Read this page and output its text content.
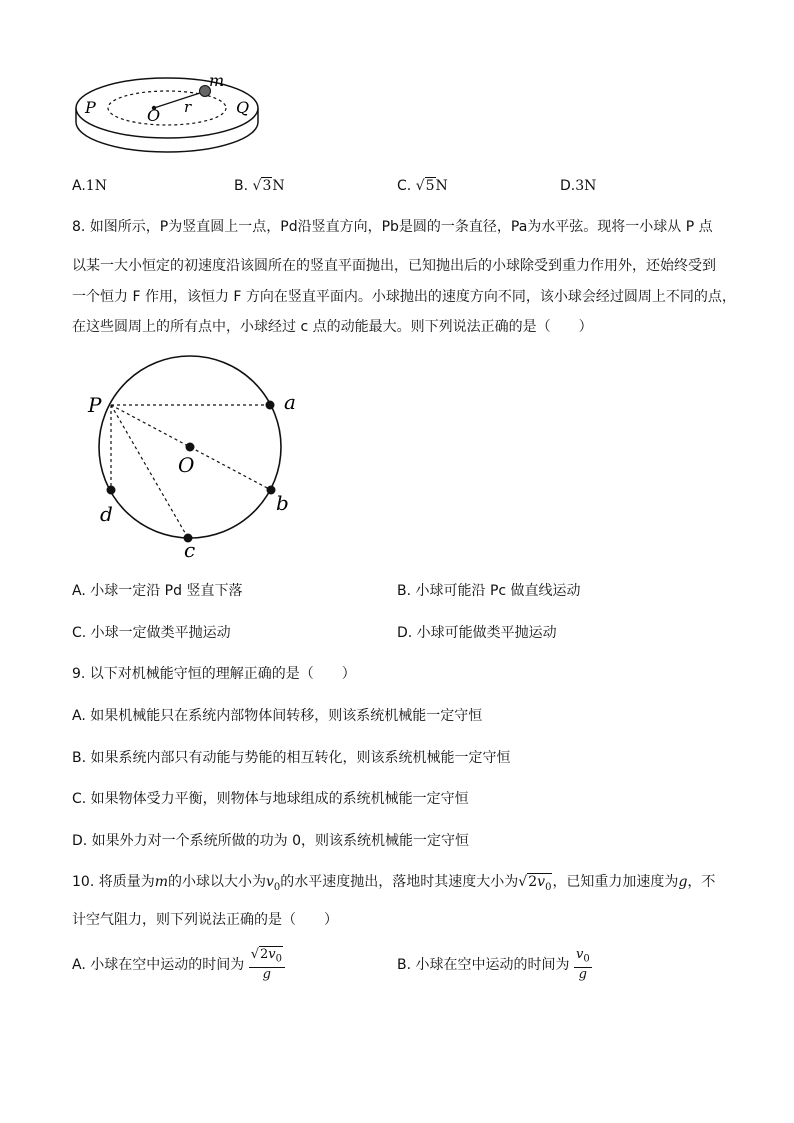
P	O r
m
Q
A.1N	B. √3N	C. √5N	D.3N
8. 如图所示，P为竖直圆上一点，Pd沿竖直方向，Pb是圆的一条直径，Pa为水平弦。现将一小球从 P 点
以某一大小恒定的初速度沿该圆所在的竖直平面抛出，已知抛出后的小球除受到重力作用外，还始终受到
一个恒力 F 作用，该恒力 F 方向在竖直平面内。小球抛出的速度方向不同，该小球会经过圆周上不同的点，
在这些圆周上的所有点中，小球经过 c 点的动能最大。则下列说法正确的是（　　）
P	a
O
b
d
c
A. 小球一定沿 Pd 竖直下落	B. 小球可能沿 Pc 做直线运动
C. 小球一定做类平抛运动	D. 小球可能做类平抛运动
9. 以下对机械能守恒的理解正确的是（　　）
A. 如果机械能只在系统内部物体间转移，则该系统机械能一定守恒
B. 如果系统内部只有动能与势能的相互转化，则该系统机械能一定守恒
C. 如果物体受力平衡，则物体与地球组成的系统机械能一定守恒
D. 如果外力对一个系统所做的功为 0，则该系统机械能一定守恒
10. 将质量为m的小球以大小为$v_0$的水平速度抛出，落地时其速度大小为$√2v_0$，已知重力加速度为g，不
计空气阻力，则下列说法正确的是（　　）
A. 小球在空中运动的时间为 $\frac{√2v_0}{g}$	B. 小球在空中运动的时间为 $\frac{v_0}{g}$
